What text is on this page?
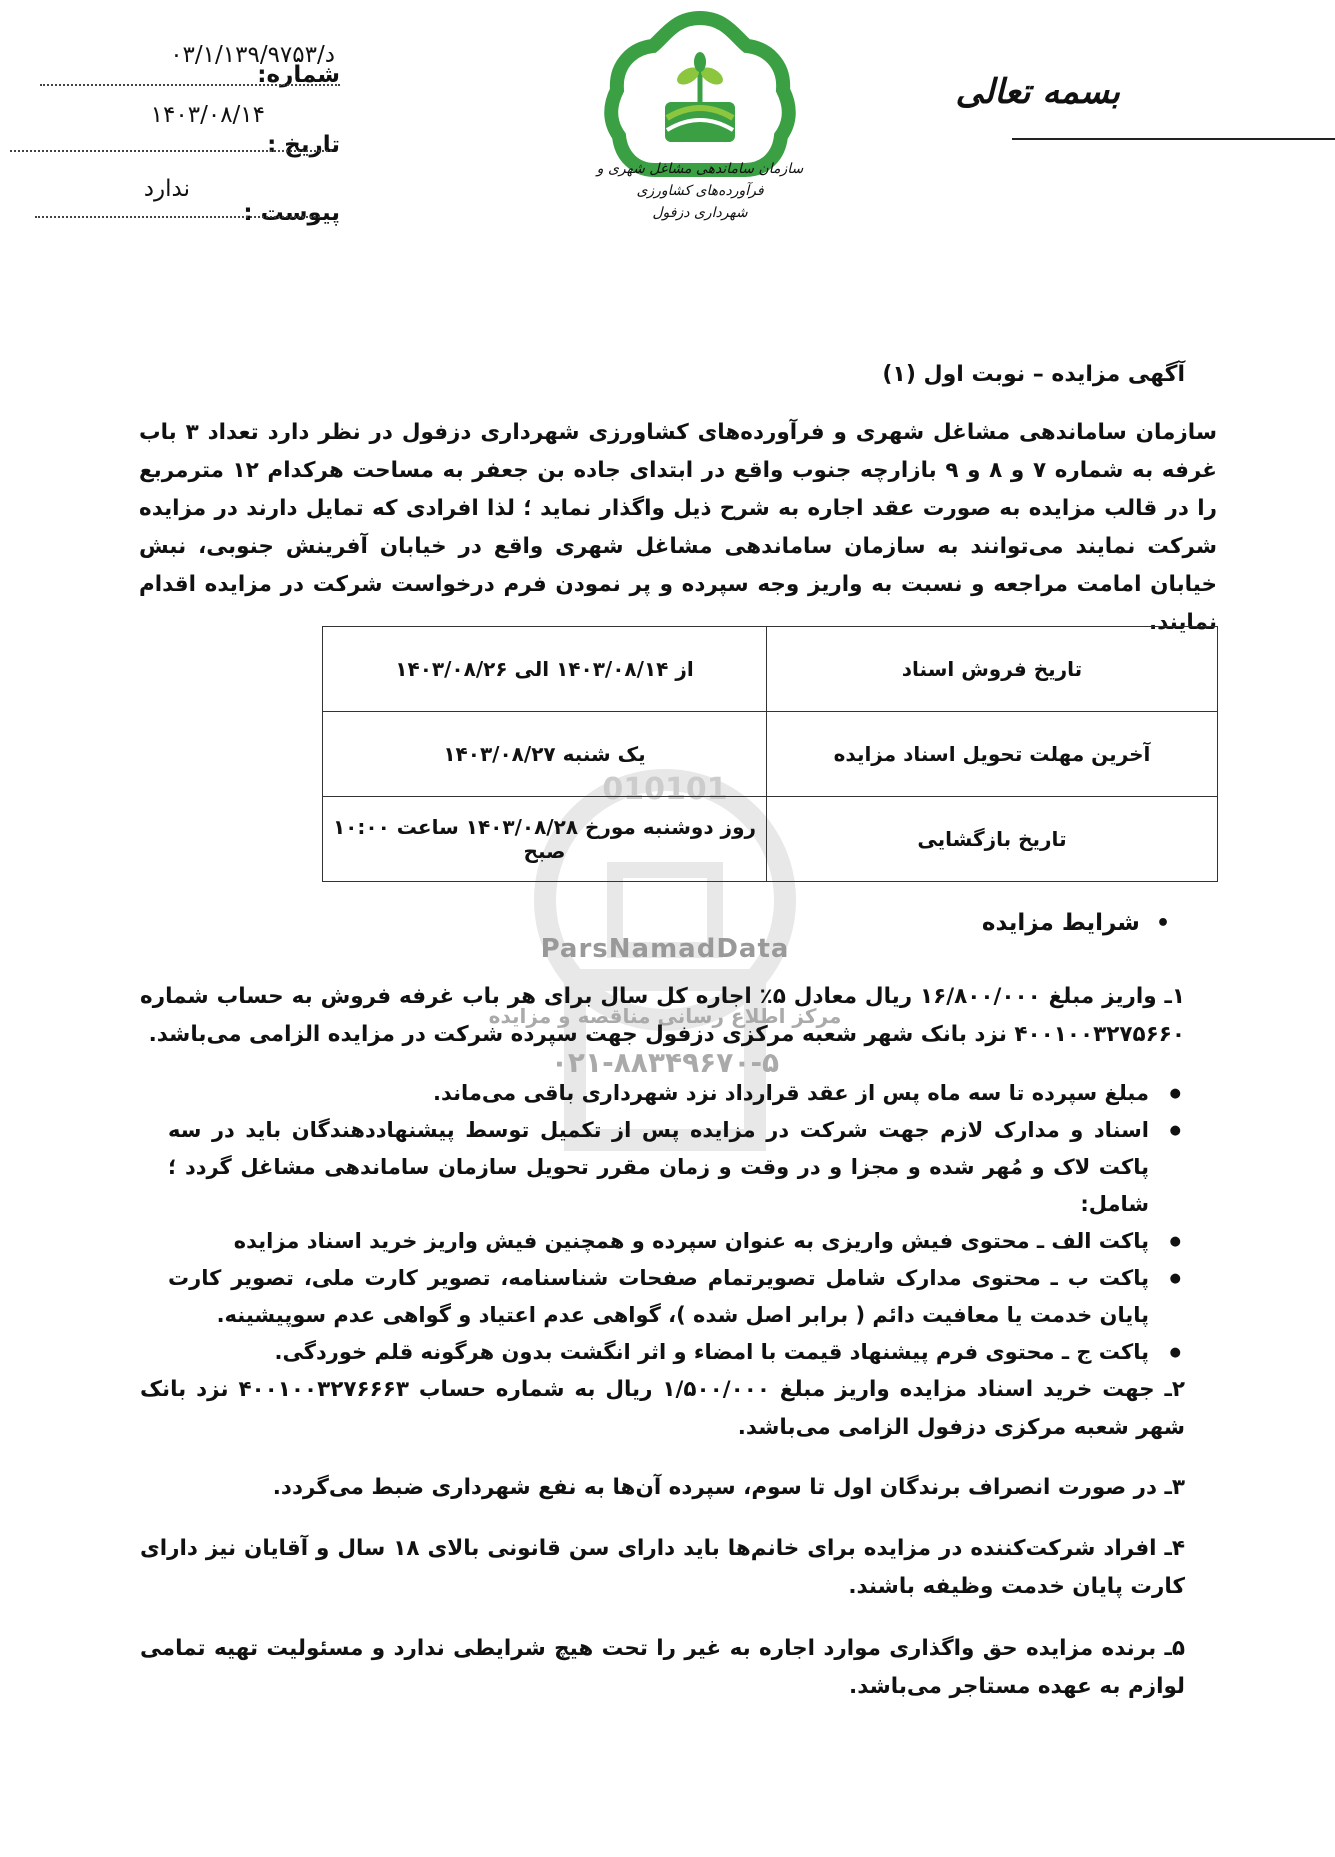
بسمه تعالی
شماره:
د/۰۳/۱/۱۳۹/۹۷۵۳
تاریخ :
۱۴۰۳/۰۸/۱۴
پیوست :
ندارد
سازمان ساماندهی مشاغل شهری و فرآورده‌های کشاورزی
شهرداری دزفول
010101
ParsNamadData
مرکز اطلاع رسانی مناقصه و مزایده
۰۲۱-۸۸۳۴۹۶۷۰-۵
آگهی مزایده – نوبت اول (۱)
سازمان ساماندهی مشاغل شهری و فرآورده‌های کشاورزی شهرداری دزفول در نظر دارد تعداد ۳ باب غرفه به شماره ۷ و ۸ و ۹ بازارچه جنوب واقع در ابتدای جاده بن جعفر به مساحت هرکدام ۱۲ مترمربع را در قالب مزایده به صورت عقد اجاره به شرح ذیل واگذار نماید ؛ لذا افرادی که تمایل دارند در مزایده شرکت نمایند می‌توانند به سازمان ساماندهی مشاغل شهری واقع در خیابان آفرینش جنوبی، نبش خیابان امامت مراجعه و نسبت به واریز وجه سپرده و پر نمودن فرم درخواست شرکت در مزایده اقدام نمایند.
تاریخ فروش اسناد	از ۱۴۰۳/۰۸/۱۴ الی ۱۴۰۳/۰۸/۲۶
آخرین مهلت تحویل اسناد مزایده	یک شنبه ۱۴۰۳/۰۸/۲۷
تاریخ بازگشایی	روز دوشنبه مورخ ۱۴۰۳/۰۸/۲۸ ساعت ۱۰:۰۰ صبح
•  شرایط مزایده
۱ـ واریز مبلغ ۱۶/۸۰۰/۰۰۰ ریال معادل ۵٪ اجاره کل سال برای هر باب غرفه فروش به حساب شماره ۴۰۰۱۰۰۳۲۷۵۶۶۰ نزد بانک شهر شعبه مرکزی دزفول جهت سپرده شرکت در مزایده الزامی می‌باشد.
● مبلغ سپرده تا سه ماه پس از عقد قرارداد نزد شهرداری باقی می‌ماند.
● اسناد و مدارک لازم جهت شرکت در مزایده پس از تکمیل توسط پیشنهاددهندگان باید در سه پاکت لاک و مُهر شده و مجزا و در وقت و زمان مقرر تحویل سازمان ساماندهی مشاغل گردد ؛ شامل:
● پاکت الف ـ محتوی فیش واریزی به عنوان سپرده و همچنین فیش واریز خرید اسناد مزایده
● پاکت ب ـ محتوی مدارک شامل تصویرتمام صفحات شناسنامه، تصویر کارت ملی، تصویر کارت پایان خدمت یا معافیت دائم ( برابر اصل شده )، گواهی عدم اعتیاد و گواهی عدم سوپیشینه.
● پاکت ج ـ محتوی فرم پیشنهاد قیمت با امضاء و اثر انگشت بدون هرگونه قلم خوردگی.
۲ـ جهت خرید اسناد مزایده واریز مبلغ ۱/۵۰۰/۰۰۰ ریال به شماره حساب ۴۰۰۱۰۰۳۲۷۶۶۶۳ نزد بانک شهر شعبه مرکزی دزفول الزامی می‌باشد.
۳ـ در صورت انصراف برندگان اول تا سوم، سپرده آن‌ها به نفع شهرداری ضبط می‌گردد.
۴ـ افراد شرکت‌کننده در مزایده برای خانم‌ها باید دارای سن قانونی بالای ۱۸ سال و آقایان نیز دارای کارت پایان خدمت وظیفه باشند.
۵ـ برنده مزایده حق واگذاری موارد اجاره به غیر را تحت هیچ شرایطی ندارد و مسئولیت تهیه تمامی لوازم به عهده مستاجر می‌باشد.
